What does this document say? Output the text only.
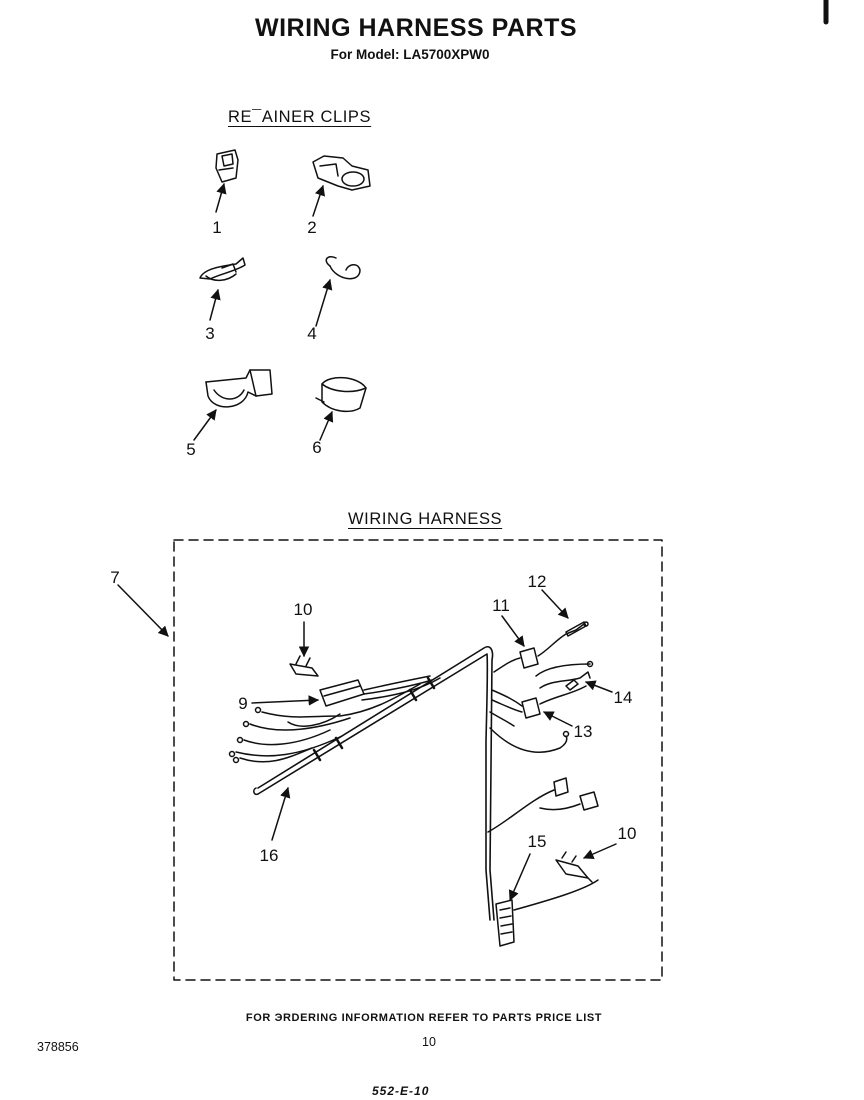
WIRING HARNESS PARTS
For Model: LA5700XPW0
RE¯AINER CLIPS
WIRING HARNESS
1	2
3	4
5	6
7
9
10	11
12
13
14
15	10
16
FOR ЭRDERING INFORMATION REFER TO PARTS PRICE LIST
378856	10
552-E-10
